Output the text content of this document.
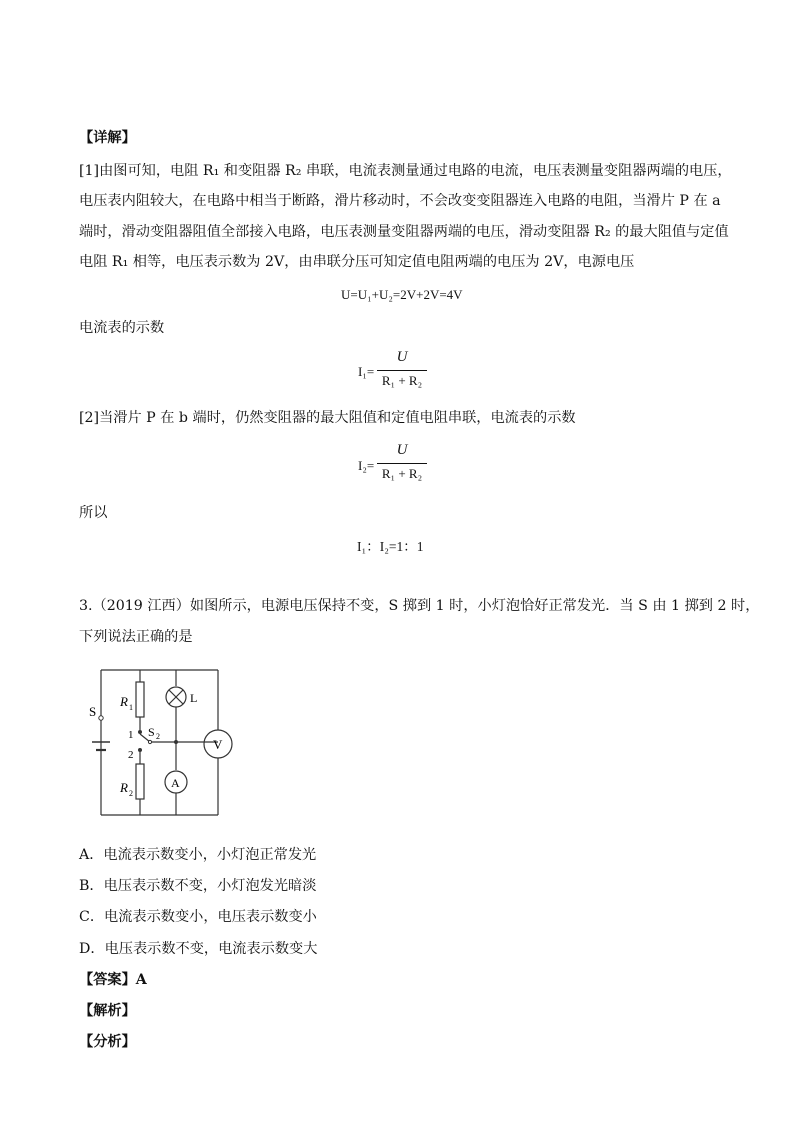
【详解】
[1]由图可知，电阻 R₁ 和变阻器 R₂ 串联，电流表测量通过电路的电流，电压表测量变阻器两端的电压，
电压表内阻较大，在电路中相当于断路，滑片移动时，不会改变变阻器连入电路的电阻，当滑片 P 在 a
端时，滑动变阻器阻值全部接入电路，电压表测量变阻器两端的电压，滑动变阻器 R₂ 的最大阻值与定值
电阻 R₁ 相等，电压表示数为 2V，由串联分压可知定值电阻两端的电压为 2V，电源电压
U=U₁+U₂=2V+2V=4V
电流表的示数
I₁=
U
R₁ + R₂
[2]当滑片 P 在 b 端时，仍然变阻器的最大阻值和定值电阻串联，电流表的示数
I₂=
U
R₁ + R₂
所以
I₁：I₂=1：1
3.（2019 江西）如图所示，电源电压保持不变，S 掷到 1 时，小灯泡恰好正常发光．当 S 由 1 掷到 2 时，
下列说法正确的是
S
R 1
L
1 S 2
V
2
R 2
A
A．电流表示数变小，小灯泡正常发光
B．电压表示数不变，小灯泡发光暗淡
C．电流表示数变小，电压表示数变小
D．电压表示数不变，电流表示数变大
【答案】A
【解析】
【分析】
